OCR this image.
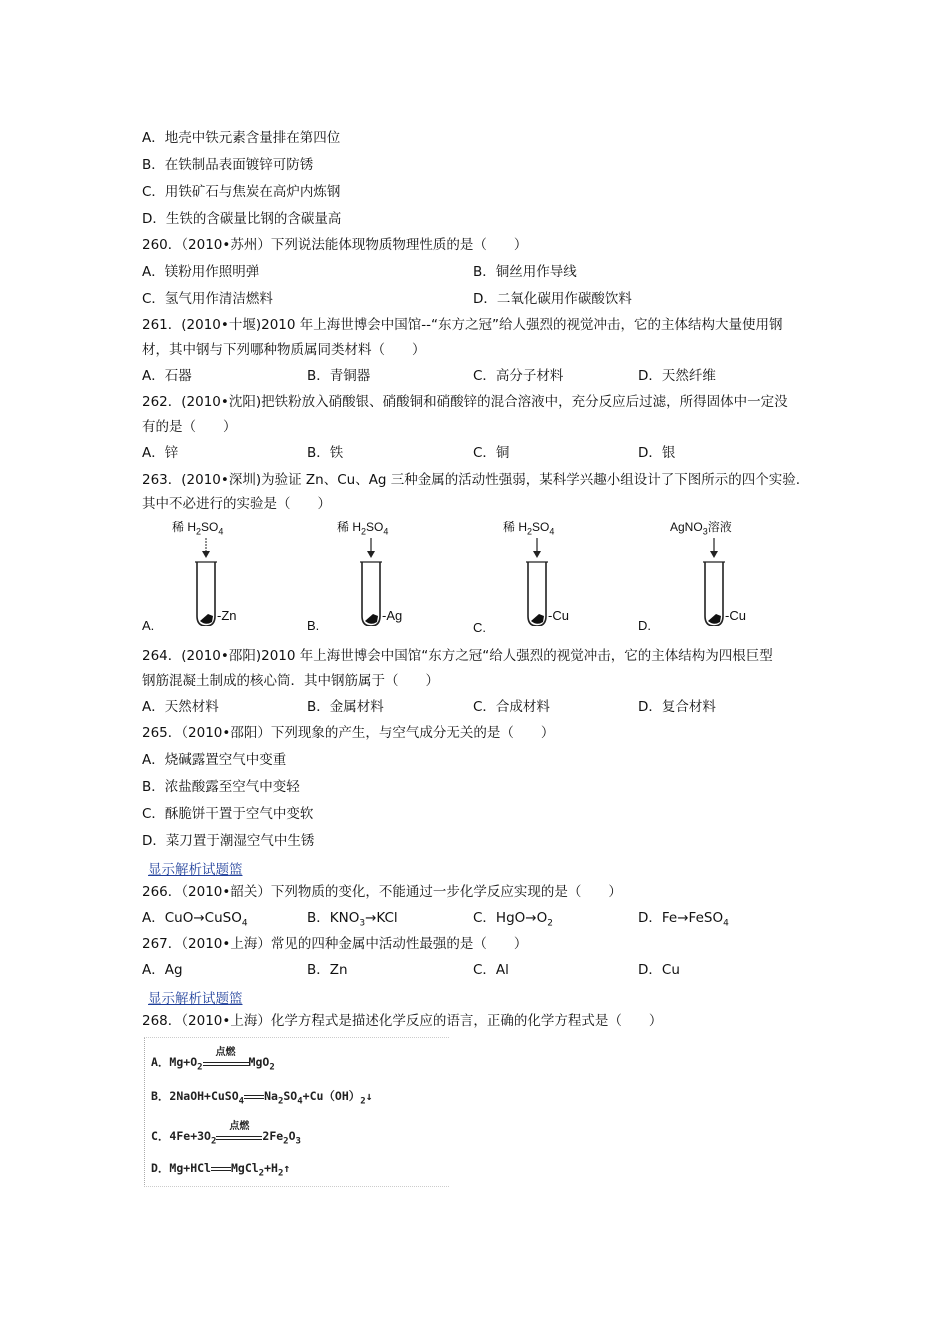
A．地壳中铁元素含量排在第四位
B．在铁制品表面镀锌可防锈
C．用铁矿石与焦炭在高炉内炼钢
D．生铁的含碳量比钢的含碳量高
260．（2010•苏州）下列说法能体现物质物理性质的是（　　）
A．镁粉用作照明弹	B．铜丝用作导线
C．氢气用作清洁燃料	D．二氧化碳用作碳酸饮料
261．(2010•十堰)2010 年上海世博会中国馆--“东方之冠”给人强烈的视觉冲击，它的主体结构大量使用钢
材，其中钢与下列哪种物质属同类材料（　　）
A．石器	B．青铜器	C．高分子材料	D．天然纤维
262．(2010•沈阳)把铁粉放入硝酸银、硝酸铜和硝酸锌的混合溶液中，充分反应后过滤，所得固体中一定没
有的是（　　）
A．锌	B．铁	C．铜	D．银
263．(2010•深圳)为验证 Zn、Cu、Ag 三种金属的活动性强弱，某科学兴趣小组设计了下图所示的四个实验.
其中不必进行的实验是（　　）
A.
稀 $H_2SO_4$
-Zn
B.
稀 $H_2SO_4$
-Ag
C.
稀 $H_2SO_4$
-Cu
D.
AgNO$_3$溶液
-Cu
264．(2010•邵阳)2010 年上海世博会中国馆“东方之冠“给人强烈的视觉冲击，它的主体结构为四根巨型
钢筋混凝土制成的核心筒．其中钢筋属于（　　）
A．天然材料	B．金属材料	C．合成材料	D．复合材料
265．（2010•邵阳）下列现象的产生，与空气成分无关的是（　　）
A．烧碱露置空气中变重
B．浓盐酸露至空气中变轻
C．酥脆饼干置于空气中变软
D．菜刀置于潮湿空气中生锈
显示解析试题篮
266．（2010•韶关）下列物质的变化，不能通过一步化学反应实现的是（　　）
A．CuO→CuSO$_4$	B．$KNO_3\to KCl$	C．$HgO\to O_2$	D．Fe→FeSO$_4$
267．（2010•上海）常见的四种金属中活动性最强的是（　　）
A．Ag	B．Zn	C．Al	D．Cu
显示解析试题篮
268．（2010•上海）化学方程式是描述化学反应的语言，正确的化学方程式是（　　）
A．$Mg+O_2$
点燃
MgO$_2$
B．2NaOH+CuSO$_4$ $Na_2SO_4+Cu(OH)_2↓$
C．$4Fe+3O_2$
点燃
$2Fe_2O_3$
D．Mg+HCl $MgCl_2+H_2↑$
